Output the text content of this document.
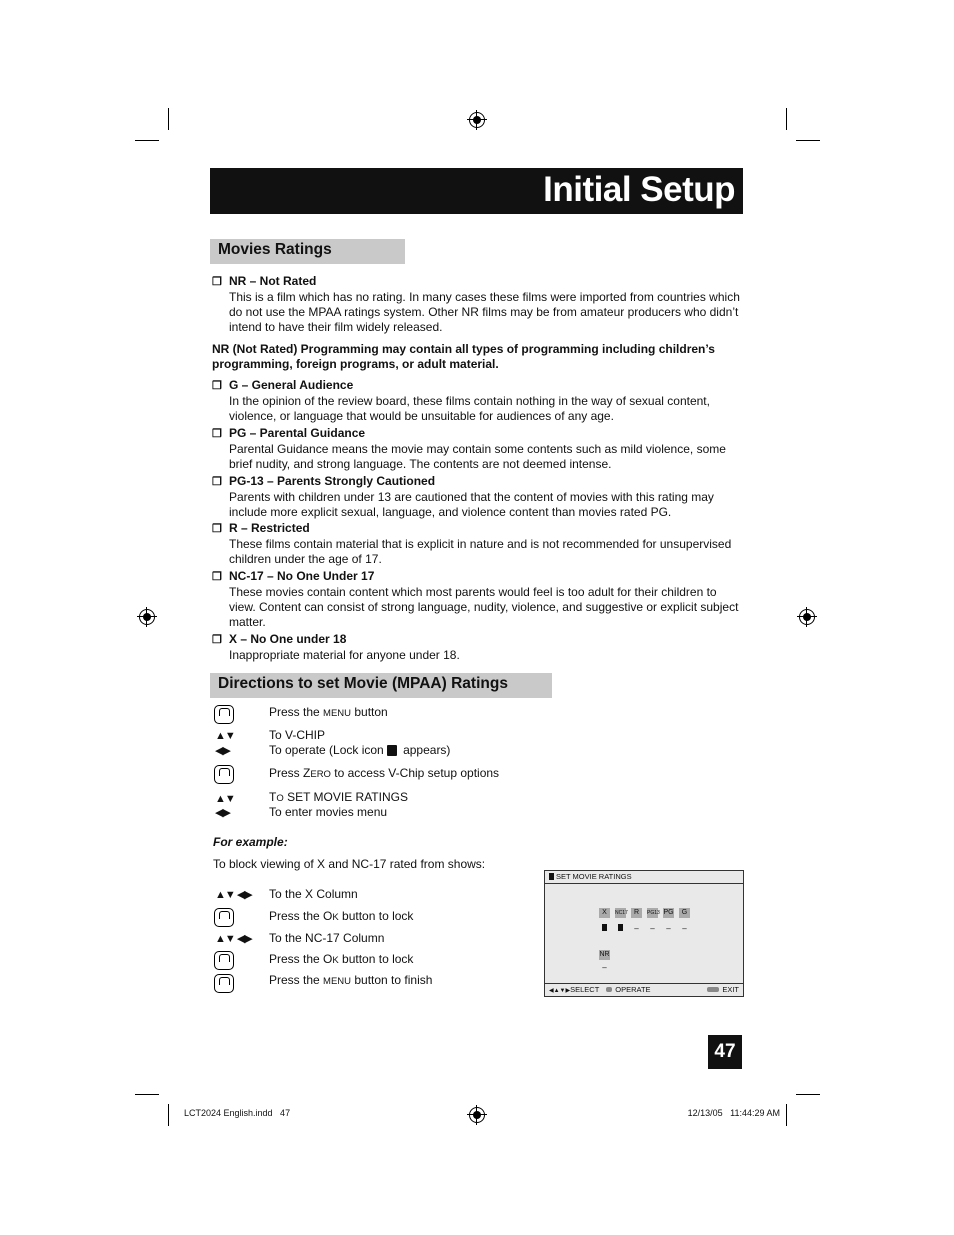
Initial Setup
Movies Ratings
❒ NR – Not Rated
This is a film which has no rating. In many cases these films were imported from countries which do not use the MPAA ratings system. Other NR films may be from amateur producers who didn’t intend to have their film widely released.
NR (Not Rated) Programming may contain all types of programming including children’s programming, foreign programs, or adult material.
❒ G – General Audience
In the opinion of the review board, these films contain nothing in the way of sexual content, violence, or language that would be unsuitable for audiences of any age.
❒ PG – Parental Guidance
Parental Guidance means the movie may contain some contents such as mild violence, some brief nudity, and strong language. The contents are not deemed intense.
❒ PG-13 – Parents Strongly Cautioned
Parents with children under 13 are cautioned that the content of movies with this rating may include more explicit sexual, language, and violence content than movies rated PG.
❒ R – Restricted
These films contain material that is explicit in nature and is not recommended for unsupervised children under the age of 17.
❒ NC-17 – No One Under 17
These movies contain content which most parents would feel is too adult for their children to view. Content can consist of strong language, nudity, violence, and suggestive or explicit subject matter.
❒ X – No One under 18
Inappropriate material for anyone under 18.
Directions to set Movie (MPAA) Ratings
Press the MENU button
▲▼	To V-CHIP
◀▶	To operate (Lock icon appears)
Press ZERO to access V-Chip setup options
▲▼	TO SET MOVIE RATINGS
◀▶	To enter movies menu
For example:
To block viewing of X and NC-17 rated from shows:
▲▼ ◀▶ To the X Column
Press the OK button to lock
▲▼ ◀▶ To the NC-17 Column
Press the OK button to lock
Press the MENU button to finish
SET MOVIE RATINGS
X	NC17 R	PG13 PG	G
–	–	–	–
NR
–
◀▲▼▶SELECT OPERATE	EXIT
47
LCT2024 English.indd   47	12/13/05   11:44:29 AM
